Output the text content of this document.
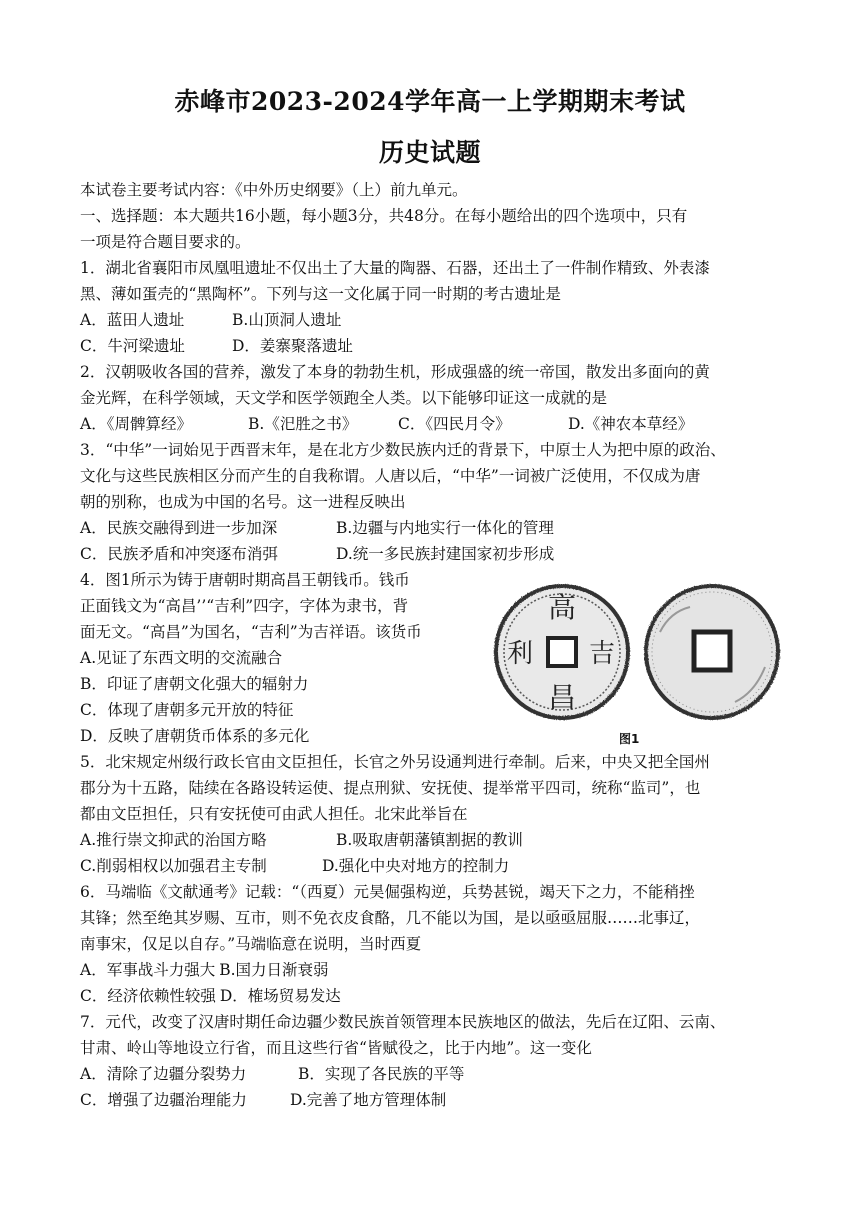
赤峰市2023-2024学年高一上学期期末考试
历史试题
本试卷主要考试内容：《中外历史纲要》（上）前九单元。
一、选择题：本大题共16小题，每小题3分，共48分。在每小题给出的四个选项中，只有
一项是符合题目要求的。
1．湖北省襄阳市凤凰咀遗址不仅出土了大量的陶器、石器，还出土了一件制作精致、外表漆
黑、薄如蛋壳的“黑陶杯”。下列与这一文化属于同一时期的考古遗址是
A．蓝田人遗址	B.山顶洞人遗址
C．牛河梁遗址	D．姜寨聚落遗址
2．汉朝吸收各国的营养，激发了本身的勃勃生机，形成强盛的统一帝国，散发出多面向的黄
金光辉，在科学领域，天文学和医学领跑全人类。以下能够印证这一成就的是
A．《周髀算经》	B.《汜胜之书》	C．《四民月令》	D.《神农本草经》
3．“中华”一词始见于西晋末年，是在北方少数民族内迁的背景下，中原士人为把中原的政治、
文化与这些民族相区分而产生的自我称谓。人唐以后，“中华”一词被广泛使用，不仅成为唐
朝的别称，也成为中国的名号。这一进程反映出
A．民族交融得到进一步加深	B.边疆与内地实行一体化的管理
C．民族矛盾和冲突逐布消弭	D.统一多民族封建国家初步形成
4．图1所示为铸于唐朝时期高昌王朝钱币。钱币
正面钱文为“高昌’’“吉利”四字，字体为隶书，背
面无文。“高昌”为国名，“吉利”为吉祥语。该货币
A.见证了东西文明的交流融合
B．印证了唐朝文化强大的辐射力
C．体现了唐朝多元开放的特征
D．反映了唐朝货币体系的多元化
高
昌
吉
利
图1
5．北宋规定州级行政长官由文臣担任，长官之外另设通判进行牵制。后来，中央又把全国州
郡分为十五路，陆续在各路设转运使、提点刑狱、安抚使、提举常平四司，统称“监司”，也
都由文臣担任，只有安抚使可由武人担任。北宋此举旨在
A.推行崇文抑武的治国方略	B.吸取唐朝藩镇割据的教训
C.削弱相权以加强君主专制	D.强化中央对地方的控制力
6．马端临《文献通考》记载：“（西夏）元昊倔强构逆，兵势甚锐，竭天下之力，不能稍挫
其锋；然至绝其岁赐、互市，则不免衣皮食酪，几不能以为国，是以亟亟屈服……北事辽，
南事宋，仅足以自存。”马端临意在说明，当时西夏
A．军事战斗力强大 B.国力日渐衰弱
C．经济依赖性较强 D．榷场贸易发达
7．元代，改变了汉唐时期任命边疆少数民族首领管理本民族地区的做法，先后在辽阳、云南、
甘肃、岭山等地设立行省，而且这些行省“皆赋役之，比于内地”。这一变化
A．清除了边疆分裂势力	B．实现了各民族的平等
C．增强了边疆治理能力	D.完善了地方管理体制
